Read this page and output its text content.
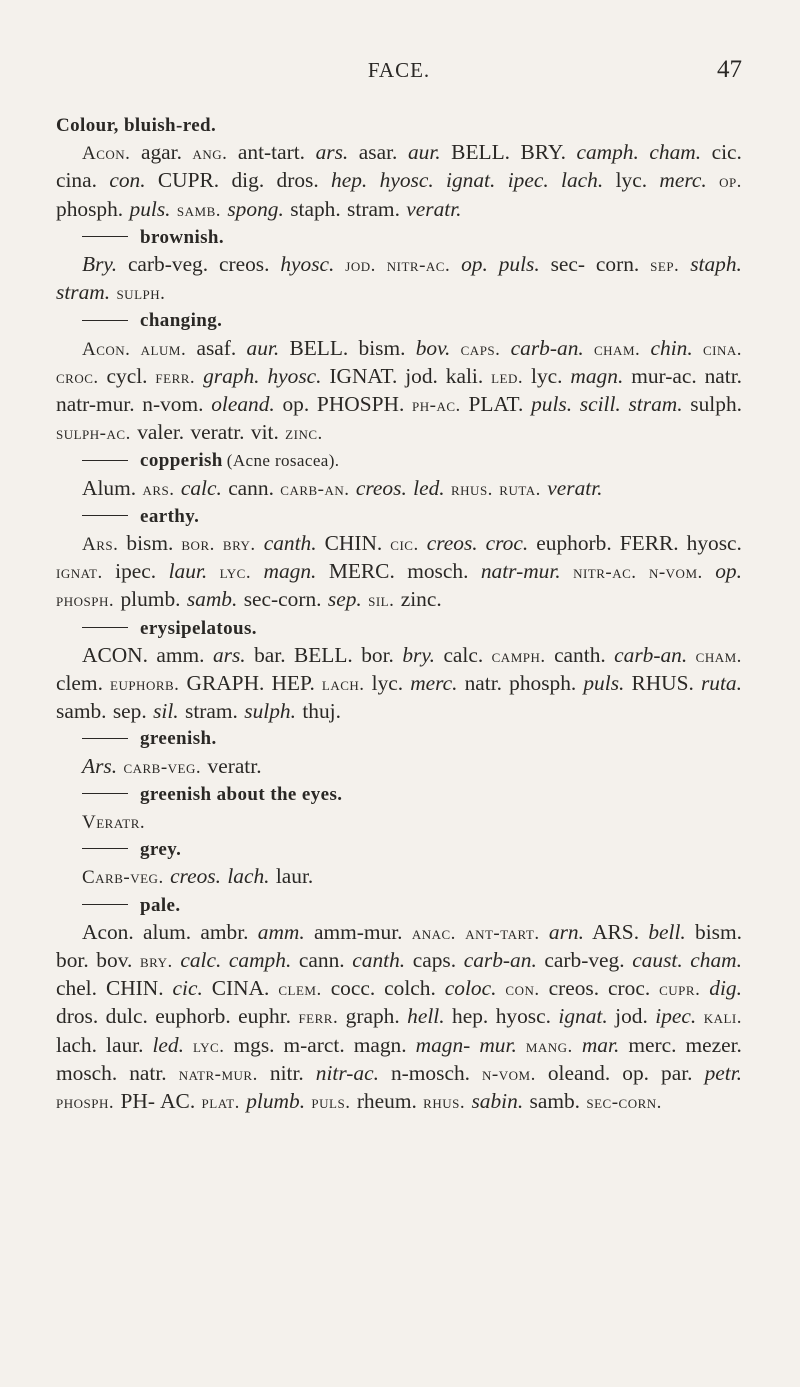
FACE.	47
Colour, bluish-red.
Acon. agar. ang. ant-tart. ars. asar. aur. BELL. BRY. camph. cham. cic. cina. con. CUPR. dig. dros. hep. hyosc. ignat. ipec. lach. lyc. merc. op. phosph. puls. samb. spong. staph. stram. veratr.
brownish.
Bry. carb-veg. creos. hyosc. jod. nitr-ac. op. puls. sec- corn. sep. staph. stram. sulph.
changing.
Acon. alum. asaf. aur. BELL. bism. bov. caps. carb-an. cham. chin. cina. croc. cycl. ferr. graph. hyosc. IGNAT. jod. kali. led. lyc. magn. mur-ac. natr. natr-mur. n-vom. oleand. op. PHOSPH. ph-ac. PLAT. puls. scill. stram. sulph. sulph-ac. valer. veratr. vit. zinc.
copperish (Acne rosacea).
Alum. ars. calc. cann. carb-an. creos. led. rhus. ruta. veratr.
earthy.
Ars. bism. bor. bry. canth. CHIN. cic. creos. croc. euphorb. FERR. hyosc. ignat. ipec. laur. lyc. magn. MERC. mosch. natr-mur. nitr-ac. n-vom. op. phosph. plumb. samb. sec-corn. sep. sil. zinc.
erysipelatous.
ACON. amm. ars. bar. BELL. bor. bry. calc. camph. canth. carb-an. cham. clem. euphorb. GRAPH. HEP. lach. lyc. merc. natr. phosph. puls. RHUS. ruta. samb. sep. sil. stram. sulph. thuj.
greenish.
Ars. carb-veg. veratr.
greenish about the eyes.
Veratr.
grey.
Carb-veg. creos. lach. laur.
pale.
Acon. alum. ambr. amm. amm-mur. anac. ant-tart. arn. ARS. bell. bism. bor. bov. bry. calc. camph. cann. canth. caps. carb-an. carb-veg. caust. cham. chel. CHIN. cic. CINA. clem. cocc. colch. coloc. con. creos. croc. cupr. dig. dros. dulc. euphorb. euphr. ferr. graph. hell. hep. hyosc. ignat. jod. ipec. kali. lach. laur. led. lyc. mgs. m-arct. magn. magn- mur. mang. mar. merc. mezer. mosch. natr. natr-mur. nitr. nitr-ac. n-mosch. n-vom. oleand. op. par. petr. phosph. PH- AC. plat. plumb. puls. rheum. rhus. sabin. samb. sec-corn.
